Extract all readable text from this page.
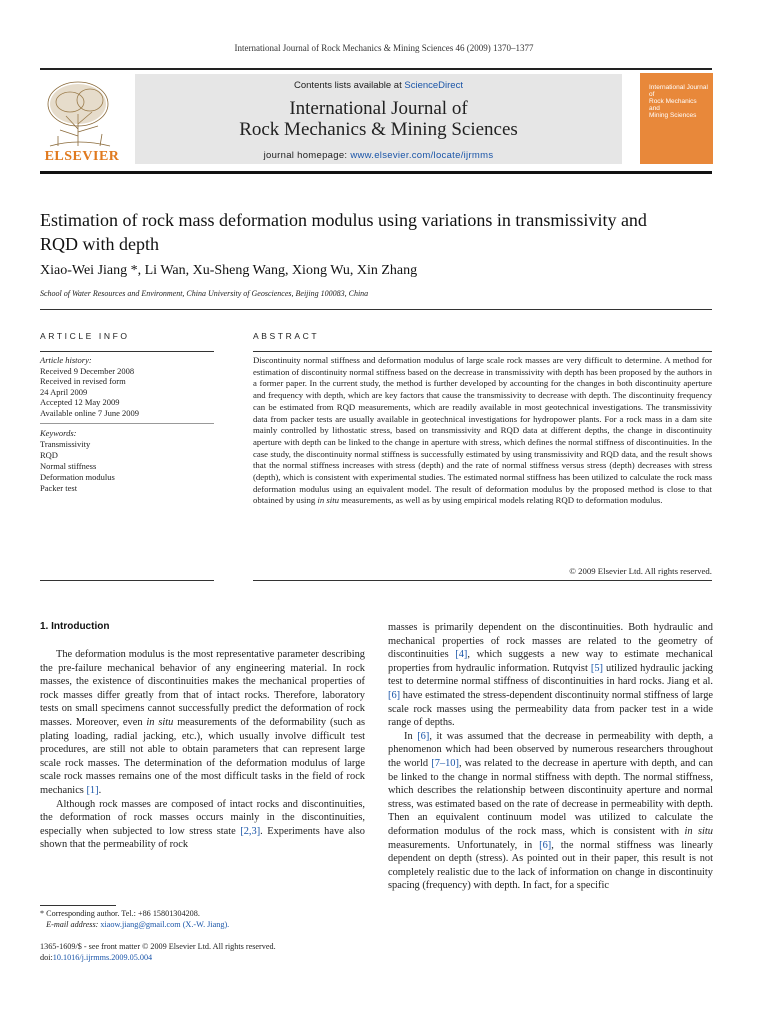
International Journal of Rock Mechanics & Mining Sciences 46 (2009) 1370–1377
ELSEVIER
Contents lists available at ScienceDirect
International Journal of
Rock Mechanics & Mining Sciences
journal homepage: www.elsevier.com/locate/ijrmms
International Journal of
Rock Mechanics
and
Mining Sciences
Estimation of rock mass deformation modulus using variations in transmissivity and RQD with depth
Xiao-Wei Jiang *, Li Wan, Xu-Sheng Wang, Xiong Wu, Xin Zhang
School of Water Resources and Environment, China University of Geosciences, Beijing 100083, China
ARTICLE INFO	ABSTRACT
Article history:
Received 9 December 2008
Received in revised form
24 April 2009
Accepted 12 May 2009
Available online 7 June 2009
Keywords:
Transmissivity
RQD
Normal stiffness
Deformation modulus
Packer test
Discontinuity normal stiffness and deformation modulus of large scale rock masses are very difficult to determine. A method for estimation of discontinuity normal stiffness based on the decrease in transmissivity with depth has been proposed by the authors in a former paper. In the current study, the method is further developed by accounting for the changes in both discontinuity aperture and frequency with depth, which are key factors that cause the transmissivity to decrease with depth. The discontinuity frequency can be estimated from RQD measurements, which are readily available in most geotechnical investigations. The transmissivity data from packer tests are usually available in geotechnical investigations for hydropower plants. For a rock mass in a dam site mainly controlled by lithostatic stress, based on transmissivity and RQD data at different depths, the change in discontinuity aperture with depth can be linked to the change in aperture with stress, which defines the normal stiffness of discontinuities. In the case study, the discontinuity normal stiffness is successfully estimated by using transmissivity and RQD data, and the result shows that the normal stiffness increases with stress (depth) and the rate of normal stiffness versus stress (depth) decreases with stress (depth), which is consistent with experimental studies. The estimated normal stiffness has been utilized to calculate the rock mass deformation modulus using an equivalent model. The result of deformation modulus by the proposed method is close to that obtained by using in situ measurements, as well as by using empirical models relating RQD to deformation modulus.
© 2009 Elsevier Ltd. All rights reserved.
1. Introduction

The deformation modulus is the most representative parameter describing the pre-failure mechanical behavior of any engineering material. In rock masses, the existence of discontinuities makes the mechanical properties of rock masses differ greatly from that of intact rocks. Therefore, laboratory tests on small specimens cannot successfully predict the deformation of rock masses. Moreover, even in situ measurements of the deformability (such as plating loading, radial jacking, etc.), which usually involve difficult test procedures, are still not able to obtain parameters that can represent large scale rock masses. The determination of the deformation modulus of large scale rock masses remains one of the most difficult tasks in the field of rock mechanics [1].

Although rock masses are composed of intact rocks and discontinuities, the deformation of rock masses occurs mainly in the discontinuities, especially when subjected to low stress state [2,3]. Experiments have also shown that the permeability of rock

masses is primarily dependent on the discontinuities. Both hydraulic and mechanical properties of rock masses are related to the geometry of discontinuities [4], which suggests a new way to estimate mechanical properties from hydraulic information. Rutqvist [5] utilized hydraulic jacking test to determine normal stiffness of discontinuities in hard rocks. Jiang et al. [6] have estimated the stress-dependent discontinuity normal stiffness of large scale rock masses using the permeability data from packer test in a wide range of depths.

In [6], it was assumed that the decrease in permeability with depth, a phenomenon which had been observed by numerous researchers throughout the world [7–10], was related to the decrease in aperture with depth, and can be linked to the change in normal stiffness with depth. The normal stiffness, which describes the relationship between discontinuity aperture and normal stress, was estimated based on the rate of decrease in permeability with depth. Then an equivalent continuum model was utilized to calculate the deformation modulus of the rock mass, which is consistent with in situ measurements. Unfortunately, in [6], the normal stiffness was linearly dependent on depth (stress). As pointed out in their paper, this result is not completely realistic due to the lack of information on change in discontinuity spacing (frequency) with depth. In fact, for a specific

* Corresponding author. Tel.: +86 15801304208.
E-mail address: xiaow.jiang@gmail.com (X.-W. Jiang).
1365-1609/$ - see front matter © 2009 Elsevier Ltd. All rights reserved.
doi:10.1016/j.ijrmms.2009.05.004
